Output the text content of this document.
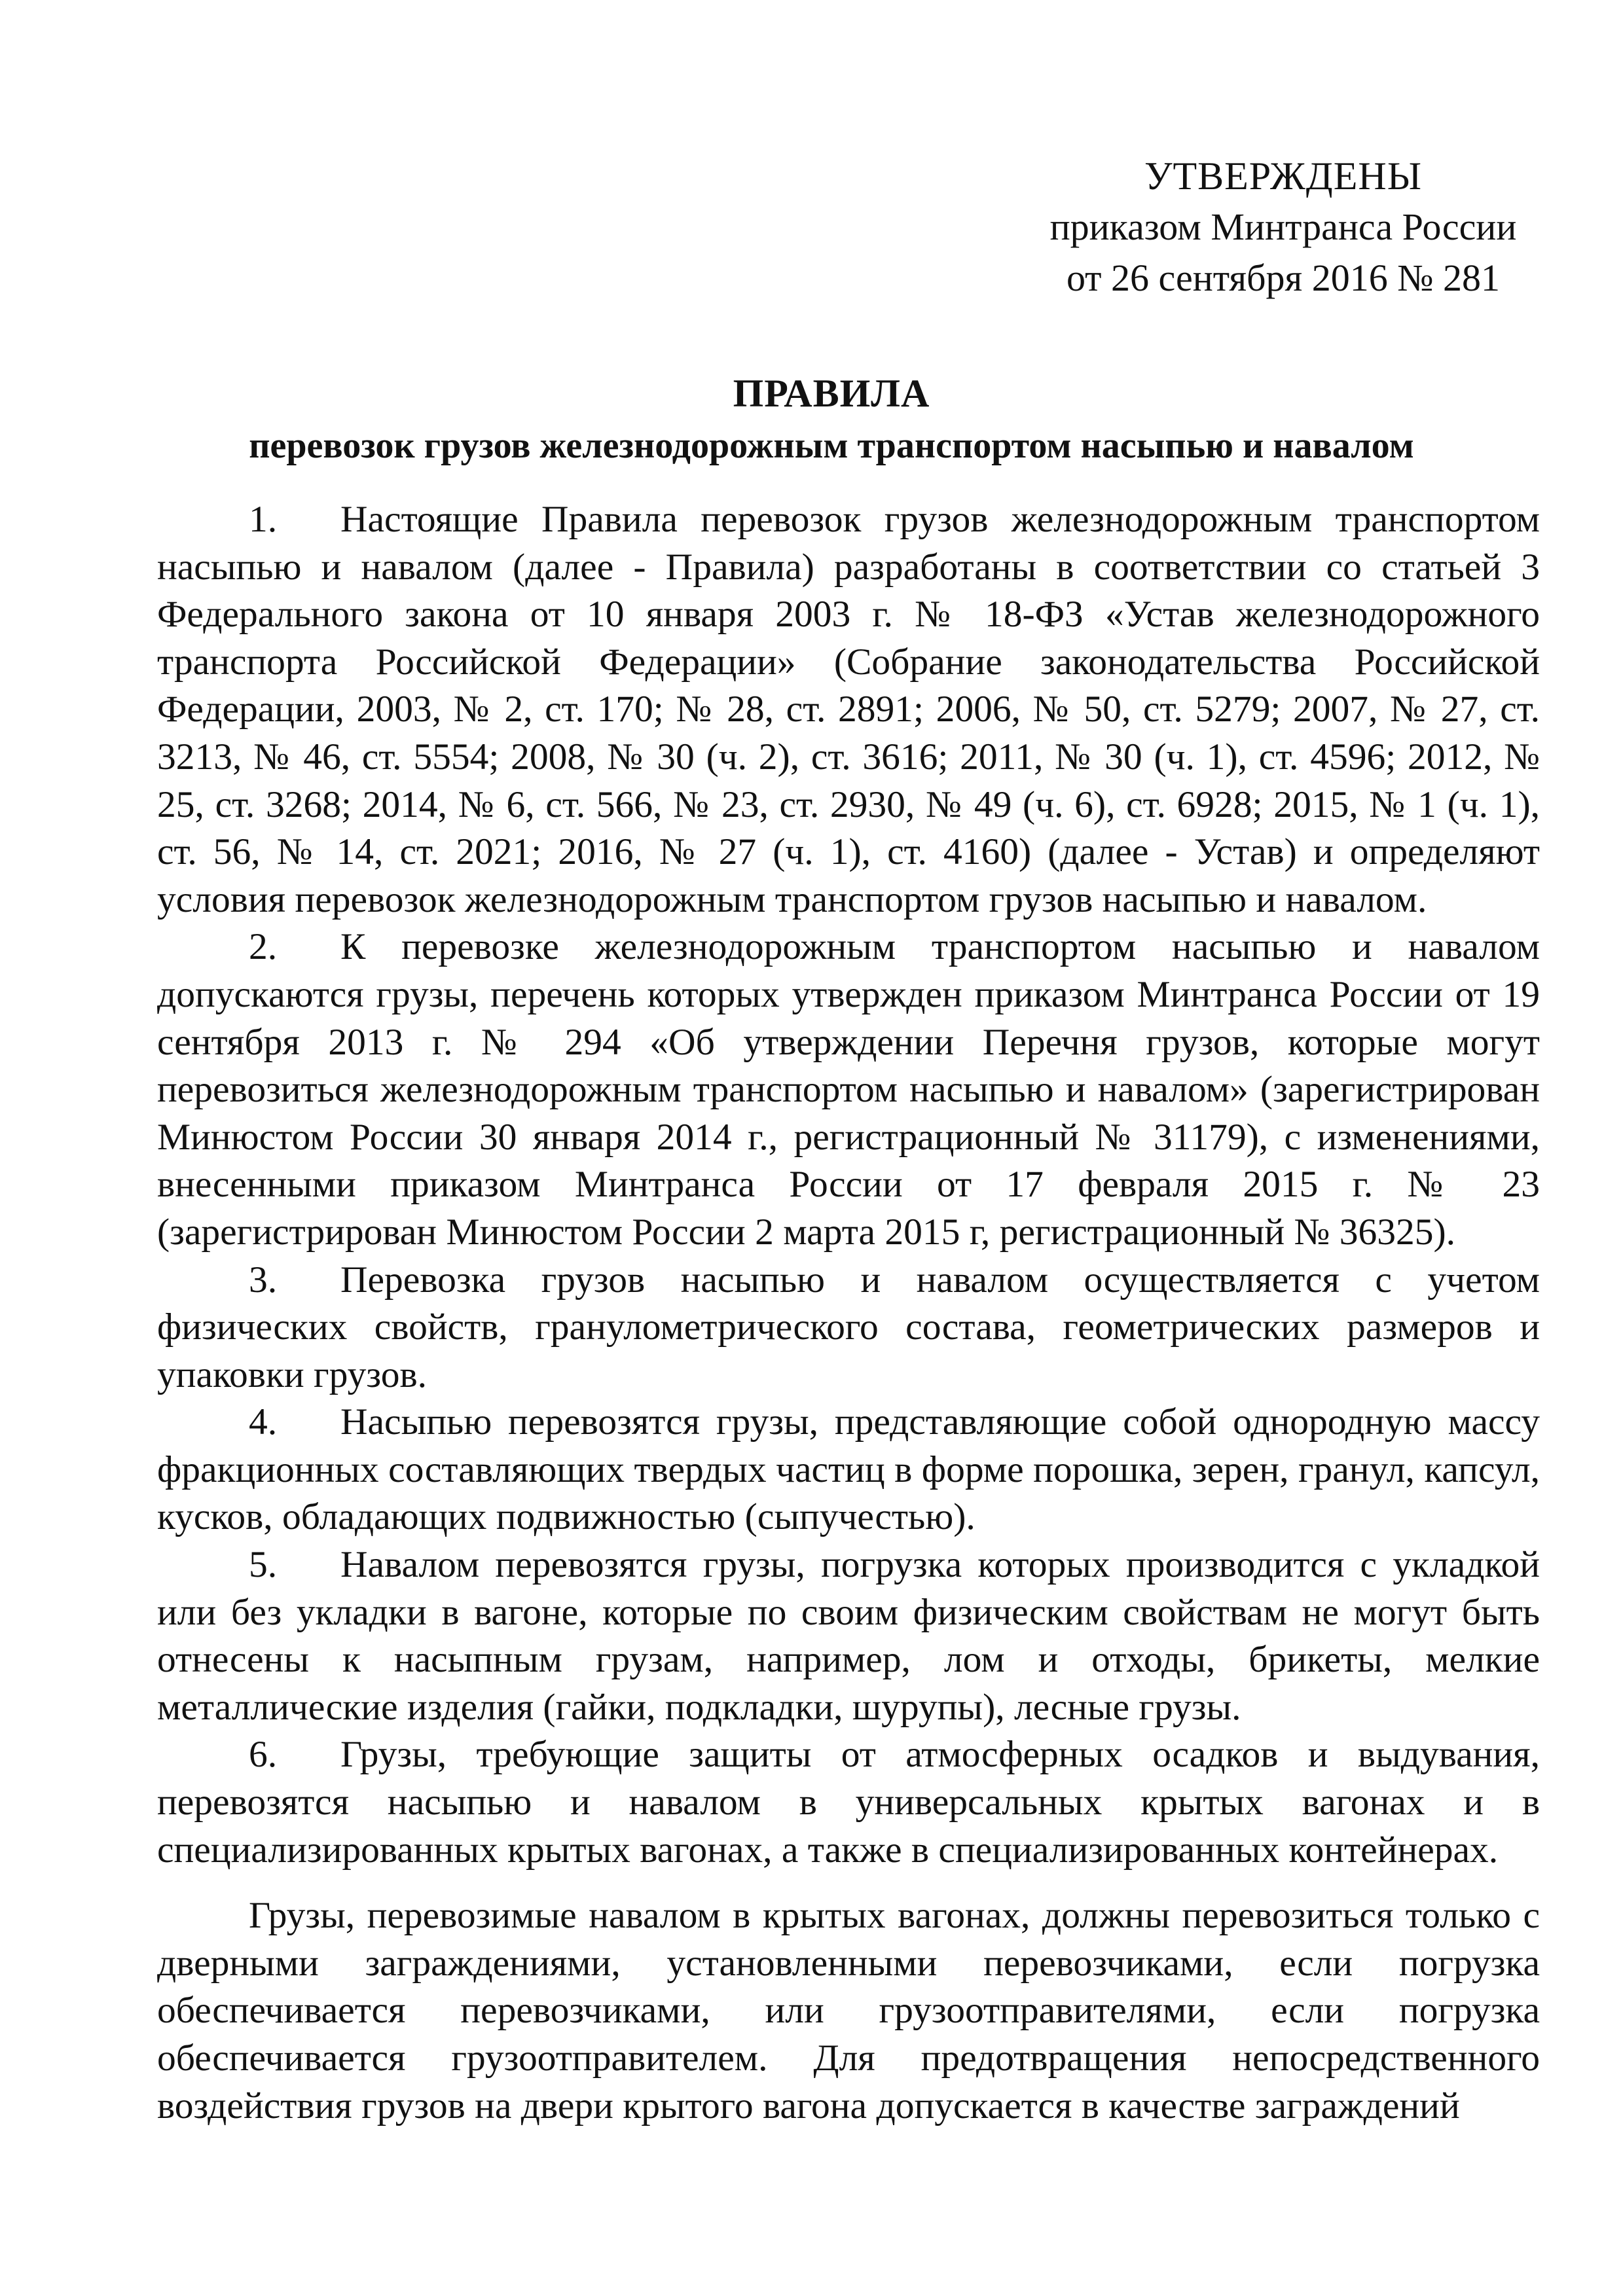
УТВЕРЖДЕНЫ
приказом Минтранса России
от 26 сентября 2016 № 281
ПРАВИЛА
перевозок грузов железнодорожным транспортом насыпью и навалом

1. Настоящие Правила перевозок грузов железнодорожным транспортом насыпью и навалом (далее - Правила) разработаны в соответствии со статьей 3 Федерального закона от 10 января 2003 г. № 18-ФЗ «Устав железнодорожного транспорта Российской Федерации» (Собрание законодательства Российской Федерации, 2003, № 2, ст. 170; № 28, ст. 2891; 2006, № 50, ст. 5279; 2007, № 27, ст. 3213, № 46, ст. 5554; 2008, № 30 (ч. 2), ст. 3616; 2011, № 30 (ч. 1), ст. 4596; 2012, № 25, ст. 3268; 2014, № 6, ст. 566, № 23, ст. 2930, № 49 (ч. 6), ст. 6928; 2015, № 1 (ч. 1), ст. 56, № 14, ст. 2021; 2016, № 27 (ч. 1), ст. 4160) (далее - Устав) и определяют условия перевозок железнодорожным транспортом грузов насыпью и навалом.

2. К перевозке железнодорожным транспортом насыпью и навалом допускаются грузы, перечень которых утвержден приказом Минтранса России от 19 сентября 2013 г. № 294 «Об утверждении Перечня грузов, которые могут перевозиться железнодорожным транспортом насыпью и навалом» (зарегистрирован Минюстом России 30 января 2014 г., регистрационный № 31179), с изменениями, внесенными приказом Минтранса России от 17 февраля 2015 г. № 23 (зарегистрирован Минюстом России 2 марта 2015 г, регистрационный № 36325).

3. Перевозка грузов насыпью и навалом осуществляется с учетом физических свойств, гранулометрического состава, геометрических размеров и упаковки грузов.

4. Насыпью перевозятся грузы, представляющие собой однородную массу фракционных составляющих твердых частиц в форме порошка, зерен, гранул, капсул, кусков, обладающих подвижностью (сыпучестью).

5. Навалом перевозятся грузы, погрузка которых производится с укладкой или без укладки в вагоне, которые по своим физическим свойствам не могут быть отнесены к насыпным грузам, например, лом и отходы, брикеты, мелкие металлические изделия (гайки, подкладки, шурупы), лесные грузы.

6. Грузы, требующие защиты от атмосферных осадков и выдувания, перевозятся насыпью и навалом в универсальных крытых вагонах и в специализированных крытых вагонах, а также в специализированных контейнерах.

Грузы, перевозимые навалом в крытых вагонах, должны перевозиться только с дверными заграждениями, установленными перевозчиками, если погрузка обеспечивается перевозчиками, или грузоотправителями, если погрузка обеспечивается грузоотправителем. Для предотвращения непосредственного воздействия грузов на двери крытого вагона допускается в качестве заграждений
